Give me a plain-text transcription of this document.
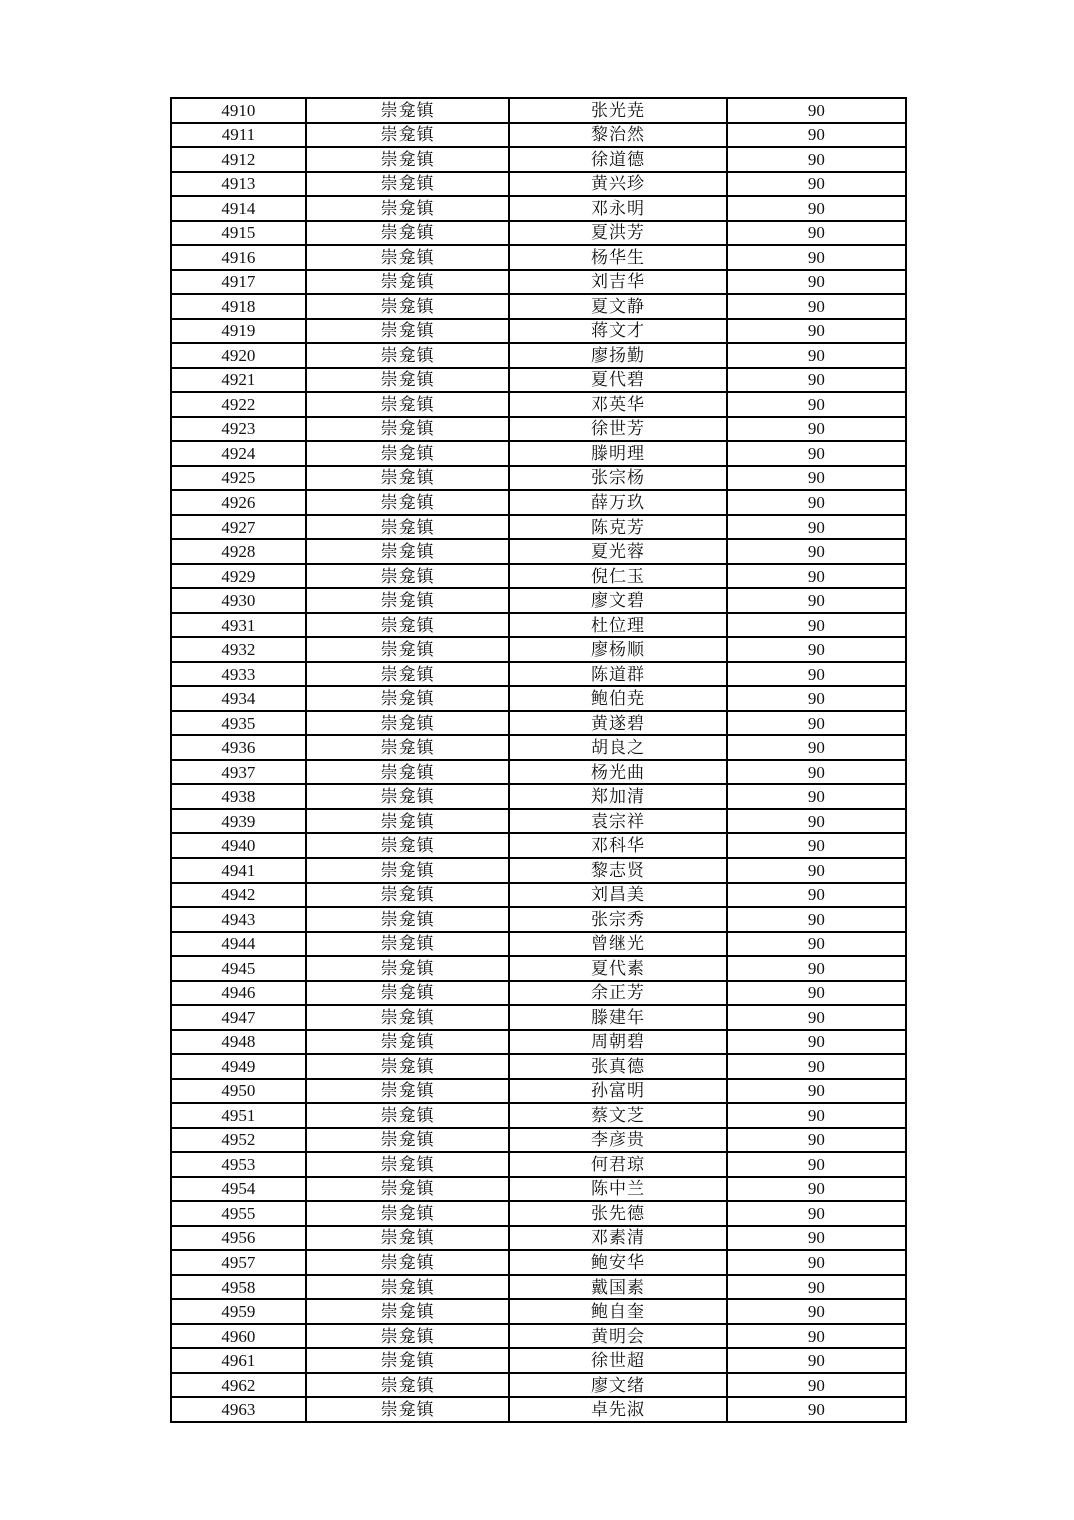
4910	崇龛镇	张光尭	90
4911	崇龛镇	黎治然	90
4912	崇龛镇	徐道德	90
4913	崇龛镇	黄兴珍	90
4914	崇龛镇	邓永明	90
4915	崇龛镇	夏洪芳	90
4916	崇龛镇	杨华生	90
4917	崇龛镇	刘吉华	90
4918	崇龛镇	夏文静	90
4919	崇龛镇	蒋文才	90
4920	崇龛镇	廖扬勤	90
4921	崇龛镇	夏代碧	90
4922	崇龛镇	邓英华	90
4923	崇龛镇	徐世芳	90
4924	崇龛镇	滕明理	90
4925	崇龛镇	张宗杨	90
4926	崇龛镇	薛万玖	90
4927	崇龛镇	陈克芳	90
4928	崇龛镇	夏光蓉	90
4929	崇龛镇	倪仁玉	90
4930	崇龛镇	廖文碧	90
4931	崇龛镇	杜位理	90
4932	崇龛镇	廖杨顺	90
4933	崇龛镇	陈道群	90
4934	崇龛镇	鲍伯尭	90
4935	崇龛镇	黄遂碧	90
4936	崇龛镇	胡良之	90
4937	崇龛镇	杨光曲	90
4938	崇龛镇	郑加清	90
4939	崇龛镇	袁宗祥	90
4940	崇龛镇	邓科华	90
4941	崇龛镇	黎志贤	90
4942	崇龛镇	刘昌美	90
4943	崇龛镇	张宗秀	90
4944	崇龛镇	曾继光	90
4945	崇龛镇	夏代素	90
4946	崇龛镇	余正芳	90
4947	崇龛镇	滕建年	90
4948	崇龛镇	周朝碧	90
4949	崇龛镇	张真德	90
4950	崇龛镇	孙富明	90
4951	崇龛镇	蔡文芝	90
4952	崇龛镇	李彦贵	90
4953	崇龛镇	何君琼	90
4954	崇龛镇	陈中兰	90
4955	崇龛镇	张先德	90
4956	崇龛镇	邓素清	90
4957	崇龛镇	鲍安华	90
4958	崇龛镇	戴国素	90
4959	崇龛镇	鲍自奎	90
4960	崇龛镇	黄明会	90
4961	崇龛镇	徐世超	90
4962	崇龛镇	廖文绪	90
4963	崇龛镇	卓先淑	90
